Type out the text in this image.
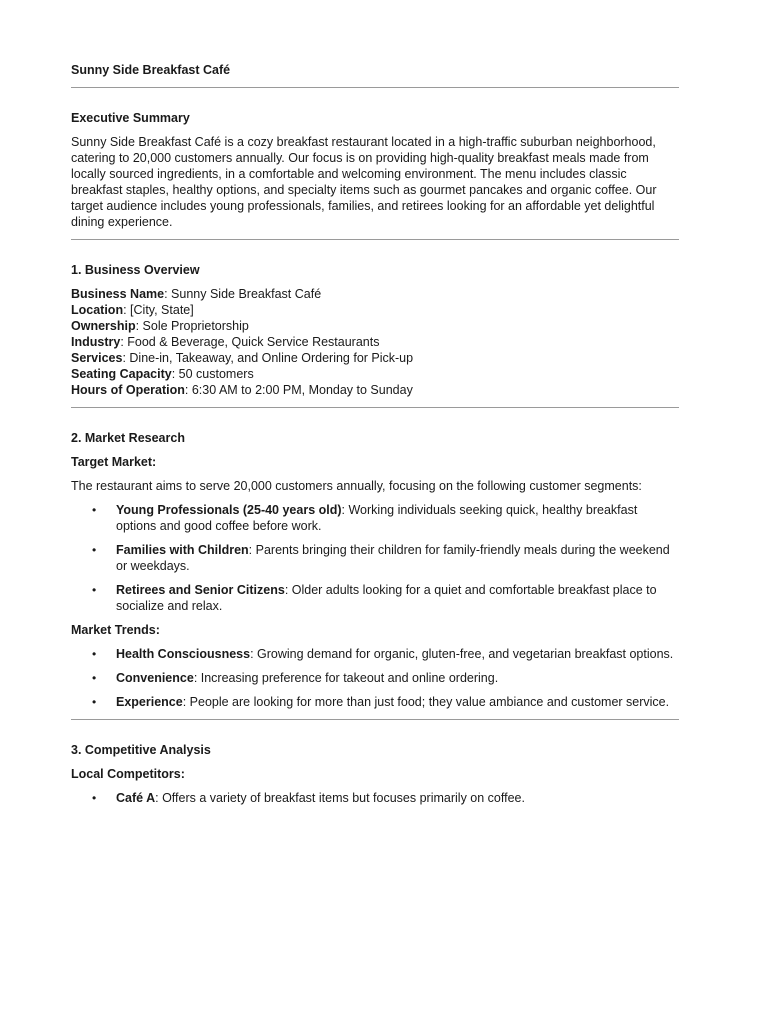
Sunny Side Breakfast Café

Executive Summary

Sunny Side Breakfast Café is a cozy breakfast restaurant located in a high-traffic suburban neighborhood, catering to 20,000 customers annually. Our focus is on providing high-quality breakfast meals made from locally sourced ingredients, in a comfortable and welcoming environment. The menu includes classic breakfast staples, healthy options, and specialty items such as gourmet pancakes and organic coffee. Our target audience includes young professionals, families, and retirees looking for an affordable yet delightful dining experience.

1. Business Overview

Business Name: Sunny Side Breakfast Café

Location: [City, State]

Ownership: Sole Proprietorship

Industry: Food & Beverage, Quick Service Restaurants

Services: Dine-in, Takeaway, and Online Ordering for Pick-up

Seating Capacity: 50 customers

Hours of Operation: 6:30 AM to 2:00 PM, Monday to Sunday

2. Market Research

Target Market:

The restaurant aims to serve 20,000 customers annually, focusing on the following customer segments:

• Young Professionals (25-40 years old): Working individuals seeking quick, healthy breakfast options and good coffee before work.
• Families with Children: Parents bringing their children for family-friendly meals during the weekend or weekdays.
• Retirees and Senior Citizens: Older adults looking for a quiet and comfortable breakfast place to socialize and relax.

Market Trends:

• Health Consciousness: Growing demand for organic, gluten-free, and vegetarian breakfast options.
• Convenience: Increasing preference for takeout and online ordering.
• Experience: People are looking for more than just food; they value ambiance and customer service.

3. Competitive Analysis

Local Competitors:

• Café A: Offers a variety of breakfast items but focuses primarily on coffee.
